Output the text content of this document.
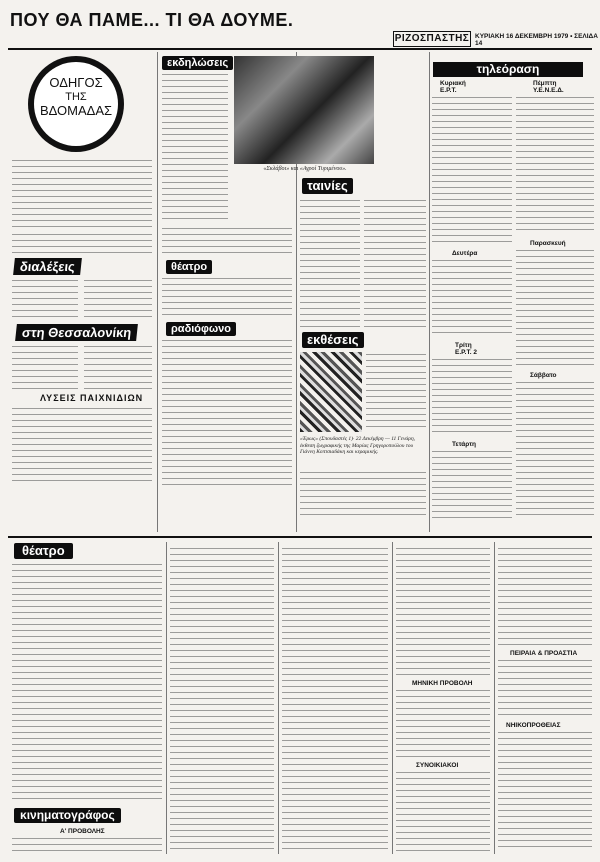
ΠΟΥ ΘΑ ΠΑΜΕ... ΤΙ ΘΑ ΔΟΥΜΕ.
ΡΙΖΟΣΠΑΣΤΗΣ ΚΥΡΙΑΚΗ 16 ΔΕΚΕΜΒΡΗ 1979 • ΣΕΛΙΔΑ 14
ΟΔΗΓΟΣ
ΤΗΣ
ΒΔΟΜΑΔΑΣ
διαλέξεις
στη Θεσσαλονίκη
ΛΥΣΕΙΣ ΠΑΙΧΝΙΔΙΩΝ
εκδηλώσεις
θέατρο
ραδιόφωνο
«Σκλάβοι» και «Αγροί Τυριμένου».
ταινίες
εκθέσεις
«Έρως» (Σπουδαστές 1)· 22 Δεκέμβρη — 11 Γενάρη, έκθεση ζωγραφικής της Μαρίας Γρηγοροπούλου του Γιάννη Κοπτσιαδάκη και κεραμικής.
τηλεόραση
Κυριακή
Ε.Ρ.Τ.
Πέμπτη
Υ.Ε.Ν.Ε.Δ.
Δευτέρα
Παρασκευή
Τρίτη
Ε.Ρ.Τ. 2
Σάββατο
Τετάρτη
θέατρο
ΜΗΝΙΚΗ ΠΡΟΒΟΛΗ
ΣΥΝΟΙΚΙΑΚΟΙ
ΠΕΙΡΑΙΑ & ΠΡΟΑΣΤΙΑ
ΝΗΙΚΟΠΡΟΘΕΙΑΣ
κινηματογράφος
Α' ΠΡΟΒΟΛΗΣ
